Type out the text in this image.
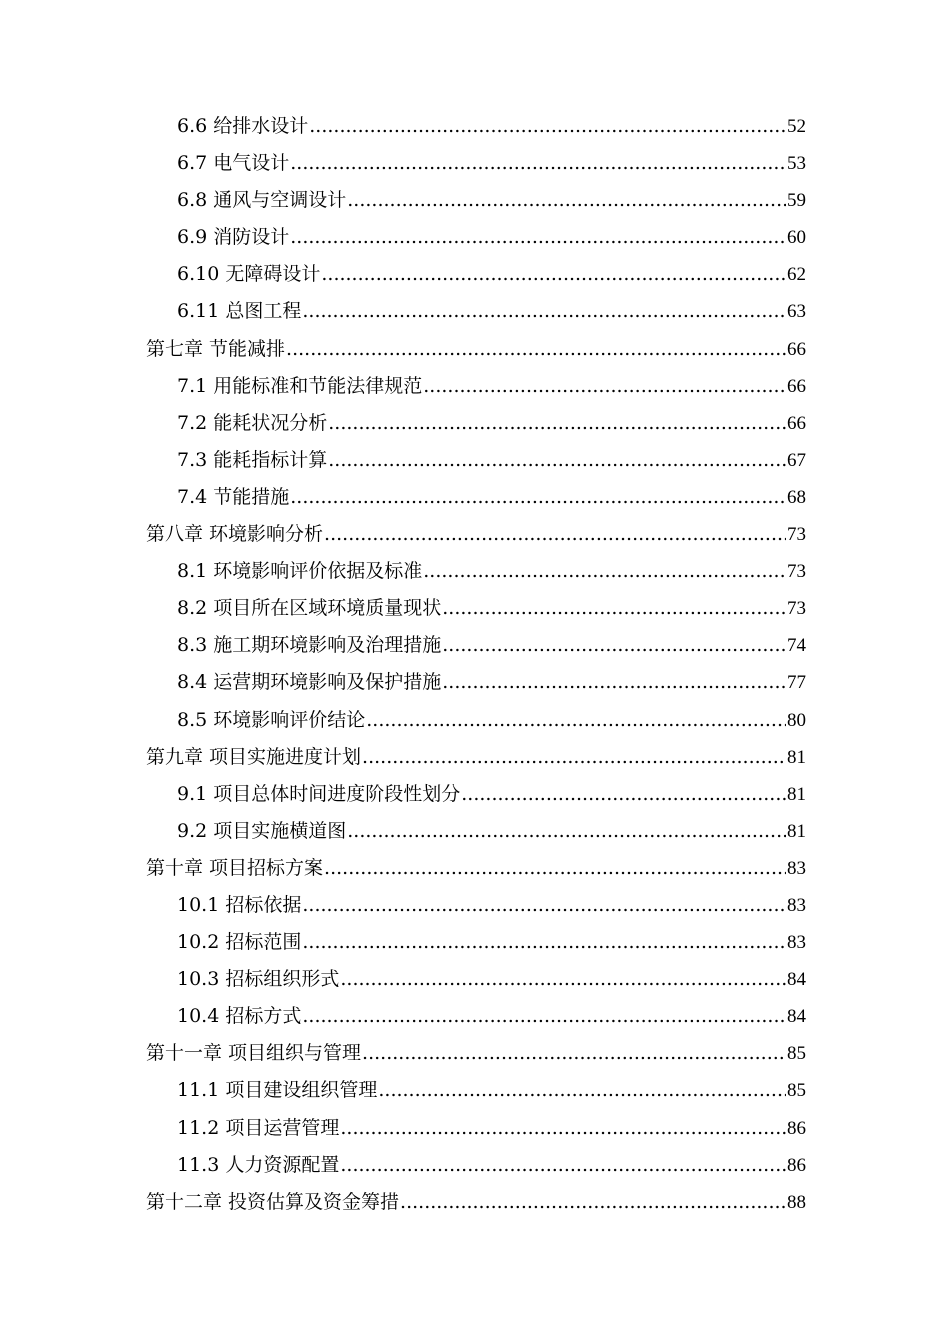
6.6 给排水设计 .....	52
6.7 电气设计 .....	53
6.8 通风与空调设计 .....	59
6.9 消防设计 .....	60
6.10 无障碍设计 .....	62
6.11 总图工程 .....	63
第七章 节能减排 .....	66
7.1 用能标准和节能法律规范 .....	66
7.2 能耗状况分析 .....	66
7.3 能耗指标计算 .....	67
7.4 节能措施 .....	68
第八章 环境影响分析 .....	73
8.1 环境影响评价依据及标准 .....	73
8.2 项目所在区域环境质量现状 .....	73
8.3 施工期环境影响及治理措施 .....	74
8.4 运营期环境影响及保护措施 .....	77
8.5 环境影响评价结论 .....	80
第九章 项目实施进度计划 .....	81
9.1 项目总体时间进度阶段性划分 .....	81
9.2 项目实施横道图 .....	81
第十章 项目招标方案 .....	83
10.1 招标依据 .....	83
10.2 招标范围 .....	83
10.3 招标组织形式 .....	84
10.4 招标方式 .....	84
第十一章 项目组织与管理 .....	85
11.1 项目建设组织管理 .....	85
11.2 项目运营管理 .....	86
11.3 人力资源配置 .....	86
第十二章 投资估算及资金筹措 .....	88
